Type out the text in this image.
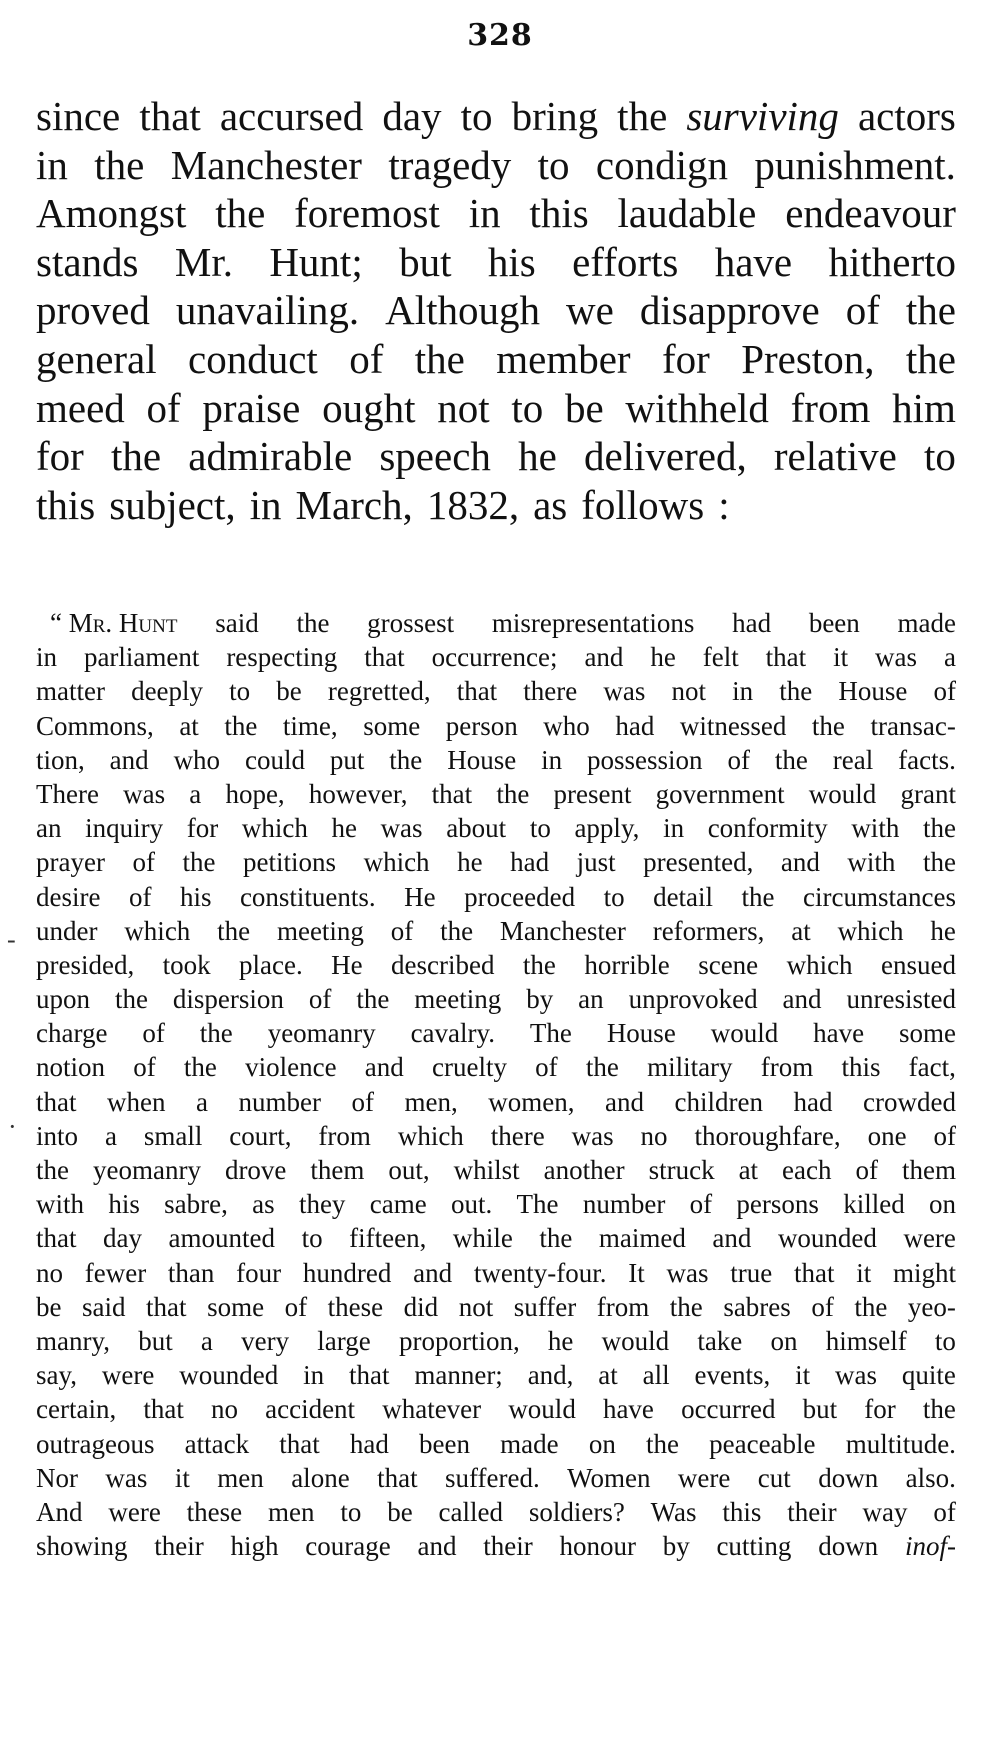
328
since that accursed day to bring the surviving actors
in the Manchester tragedy to condign punishment.
Amongst the foremost in this laudable endeavour
stands Mr. Hunt; but his efforts have hitherto
proved unavailing. Although we disapprove of the
general conduct of the member for Preston, the
meed of praise ought not to be withheld from him
for the admirable speech he delivered, relative to
this subject, in March, 1832, as follows :
“ Mr. Hunt said the grossest misrepresentations had been made
in parliament respecting that occurrence; and he felt that it was a
matter deeply to be regretted, that there was not in the House of
Commons, at the time, some person who had witnessed the transac-
tion, and who could put the House in possession of the real facts.
There was a hope, however, that the present government would grant
an inquiry for which he was about to apply, in conformity with the
prayer of the petitions which he had just presented, and with the
desire of his constituents. He proceeded to detail the circumstances
under which the meeting of the Manchester reformers, at which he
presided, took place. He described the horrible scene which ensued
upon the dispersion of the meeting by an unprovoked and unresisted
charge of the yeomanry cavalry. The House would have some
notion of the violence and cruelty of the military from this fact,
that when a number of men, women, and children had crowded
into a small court, from which there was no thoroughfare, one of
the yeomanry drove them out, whilst another struck at each of them
with his sabre, as they came out. The number of persons killed on
that day amounted to fifteen, while the maimed and wounded were
no fewer than four hundred and twenty-four. It was true that it might
be said that some of these did not suffer from the sabres of the yeo-
manry, but a very large proportion, he would take on himself to
say, were wounded in that manner; and, at all events, it was quite
certain, that no accident whatever would have occurred but for the
outrageous attack that had been made on the peaceable multitude.
Nor was it men alone that suffered. Women were cut down also.
And were these men to be called soldiers? Was this their way of
showing their high courage and their honour by cutting down inof-
-
·
